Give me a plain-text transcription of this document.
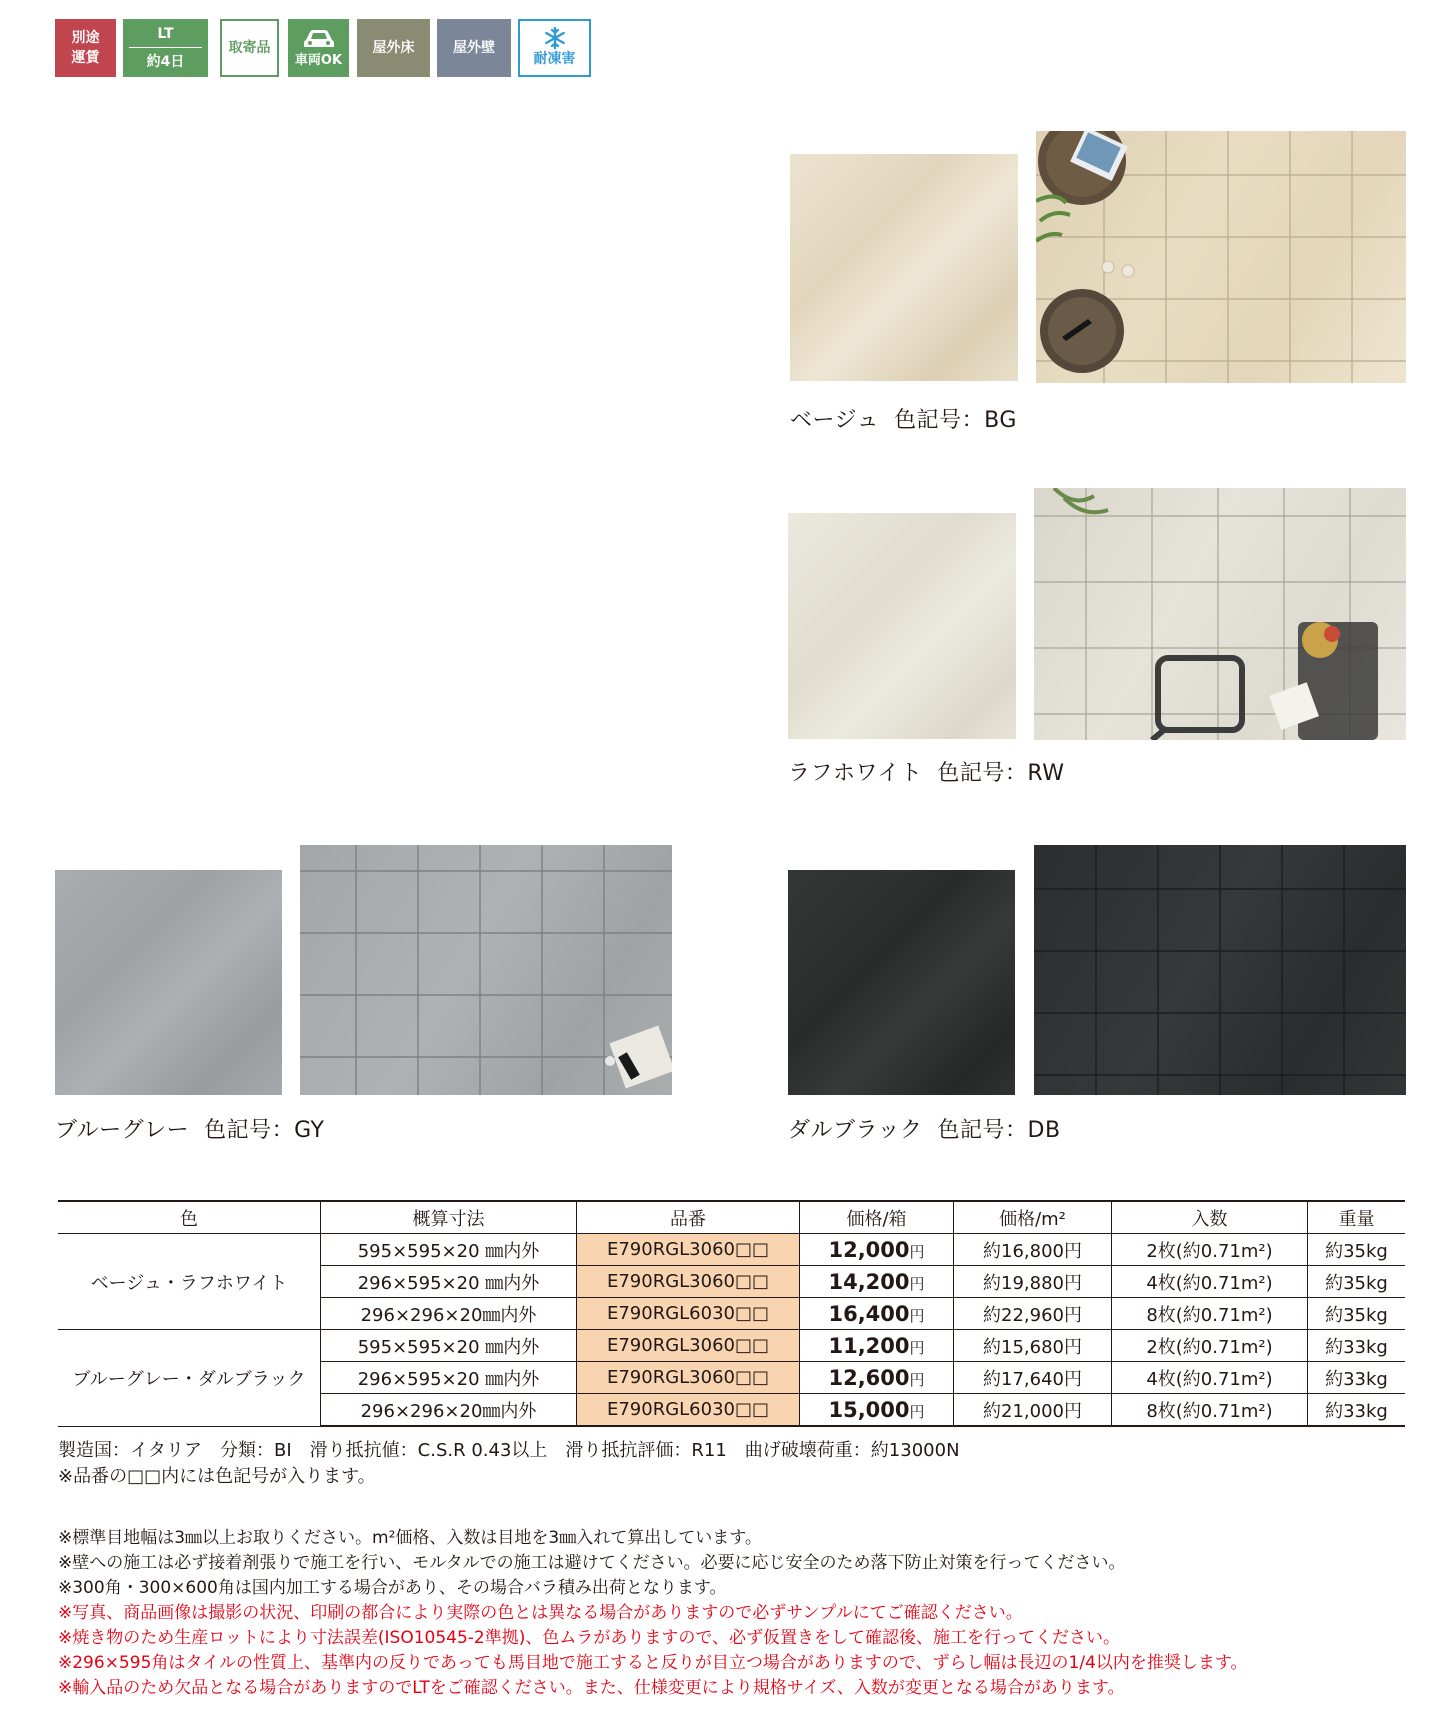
別途
運賃
LT
約4日
取寄品
車両OK
屋外床	屋外壁
耐凍害
ベージュ  色記号：BG
ラフホワイト  色記号：RW
ブルーグレー  色記号：GY	ダルブラック  色記号：DB
色	概算寸法	品番	価格/箱	価格/m²	入数	重量
ベージュ・ラフホワイト	595×595×20 ㎜内外	E790RGL3060□□	12,000円	約16,800円	2枚(約0.71m²)	約35kg
	296×595×20 ㎜内外	E790RGL3060□□	14,200円	約19,880円	4枚(約0.71m²)	約35kg
	296×296×20㎜内外	E790RGL6030□□	16,400円	約22,960円	8枚(約0.71m²)	約35kg
ブルーグレー・ダルブラック	595×595×20 ㎜内外	E790RGL3060□□	11,200円	約15,680円	2枚(約0.71m²)	約33kg
	296×595×20 ㎜内外	E790RGL3060□□	12,600円	約17,640円	4枚(約0.71m²)	約33kg
	296×296×20㎜内外	E790RGL6030□□	15,000円	約21,000円	8枚(約0.71m²)	約33kg
製造国：イタリア　分類：BI　滑り抵抗値：C.S.R 0.43以上　滑り抵抗評価：R11　曲げ破壊荷重：約13000N
※品番の□□内には色記号が入ります。
※標準目地幅は3㎜以上お取りください。m²価格、入数は目地を3㎜入れて算出しています。
※壁への施工は必ず接着剤張りで施工を行い、モルタルでの施工は避けてください。必要に応じ安全のため落下防止対策を行ってください。
※300角・300×600角は国内加工する場合があり、その場合バラ積み出荷となります。
※写真、商品画像は撮影の状況、印刷の都合により実際の色とは異なる場合がありますので必ずサンプルにてご確認ください。
※焼き物のため生産ロットにより寸法誤差(ISO10545-2準拠)、色ムラがありますので、必ず仮置きをして確認後、施工を行ってください。
※296×595角はタイルの性質上、基準内の反りであっても馬目地で施工すると反りが目立つ場合がありますので、ずらし幅は長辺の1/4以内を推奨します。
※輸入品のため欠品となる場合がありますのでLTをご確認ください。また、仕様変更により規格サイズ、入数が変更となる場合があります。
